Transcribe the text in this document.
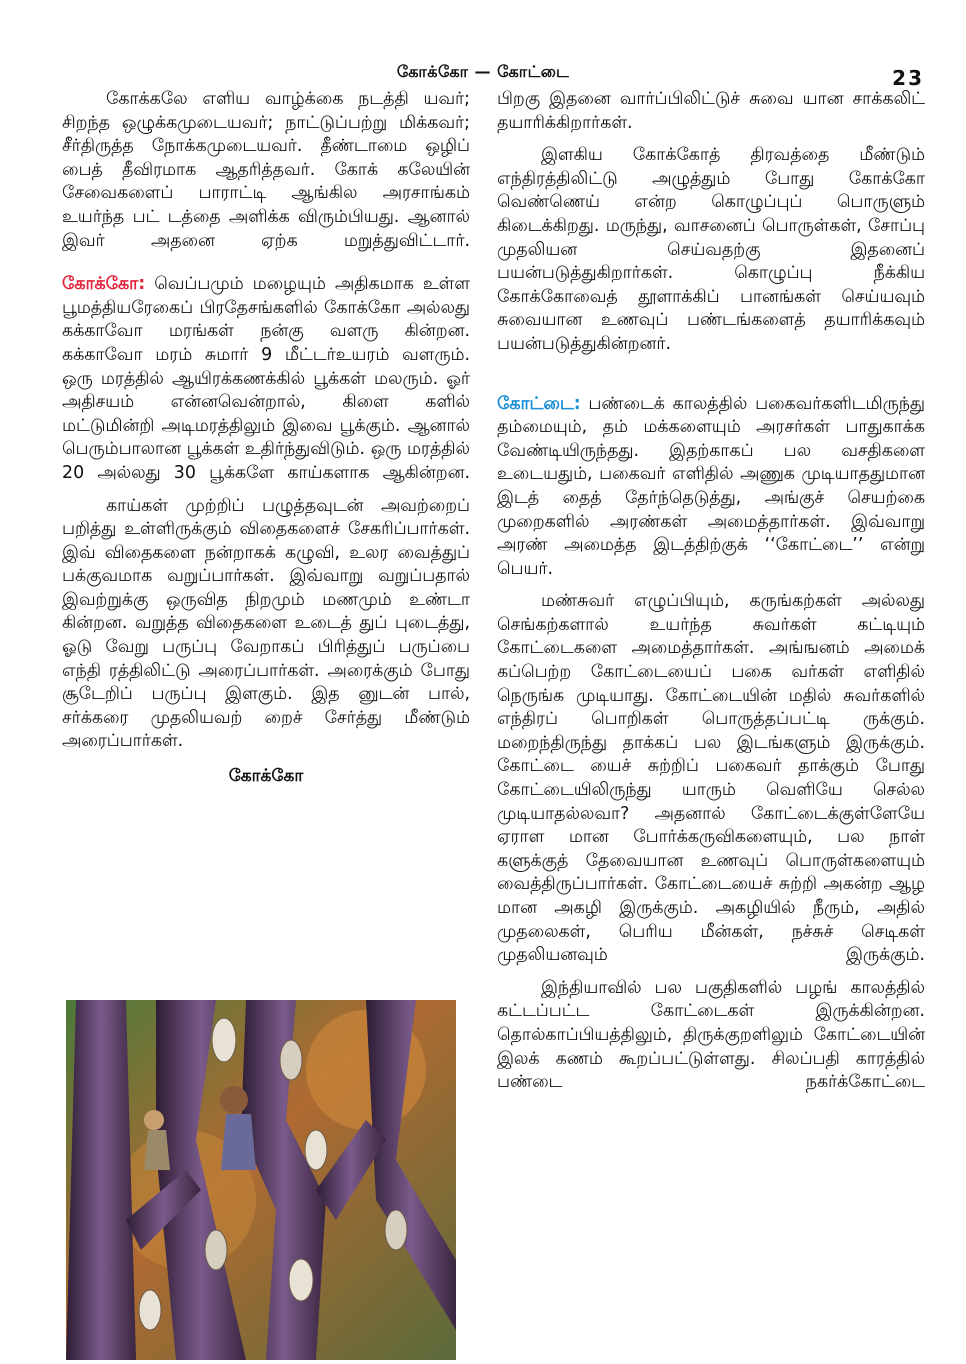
கோக்கோ — கோட்டை	23

கோக்கலே எளிய வாழ்க்கை நடத்தி யவர்; சிறந்த ஒழுக்கமுடையவர்; நாட்டுப்பற்று மிக்கவர்; சீர்திருத்த நோக்கமுடையவர். தீண்டாமை ஒழிப் பைத் தீவிரமாக ஆதரித்தவர். கோக் கலேயின் சேவைகளைப் பாராட்டி ஆங்கில அரசாங்கம் உயர்ந்த பட் டத்தை அளிக்க விரும்பியது. ஆனால் இவர் அதனை ஏற்க மறுத்துவிட்டார்.

கோக்கோ: வெப்பமும் மழையும் அதிகமாக உள்ள பூமத்தியரேகைப் பிரதேசங்களில் கோக்கோ அல்லது கக்காவோ மரங்கள் நன்கு வளரு கின்றன. கக்காவோ மரம் சுமார் 9 மீட்டர்உயரம் வளரும். ஒரு மரத்தில் ஆயிரக்கணக்கில் பூக்கள் மலரும். ஓர் அதிசயம் என்னவென்றால், கிளை களில் மட்டுமின்றி அடிமரத்திலும் இவை பூக்கும். ஆனால் பெரும்பாலான பூக்கள் உதிர்ந்துவிடும். ஒரு மரத்தில் 20 அல்லது 30 பூக்களே காய்களாக ஆகின்றன.

காய்கள் முற்றிப் பழுத்தவுடன் அவற்றைப் பறித்து உள்ளிருக்கும் விதைகளைச் சேகரிப்பார்கள். இவ் விதைகளை நன்றாகக் கழுவி, உலர வைத்துப் பக்குவமாக வறுப்பார்கள். இவ்வாறு வறுப்பதால் இவற்றுக்கு ஒருவித நிறமும் மணமும் உண்டா கின்றன. வறுத்த விதைகளை உடைத் துப் புடைத்து, ஓடு வேறு பருப்பு வேறாகப் பிரித்துப் பருப்பை எந்தி ரத்திலிட்டு அரைப்பார்கள். அரைக்கும் போது சூடேறிப் பருப்பு இளகும். இத னுடன் பால், சர்க்கரை முதலியவற் றைச் சேர்த்து மீண்டும் அரைப்பார்கள்.

கோக்கோ

பிறகு இதனை வார்ப்பிலிட்டுச் சுவை யான சாக்கலிட் தயாரிக்கிறார்கள்.

இளகிய கோக்கோத் திரவத்தை மீண்டும் எந்திரத்திலிட்டு அழுத்தும் போது கோக்கோ வெண்ணெய் என்ற கொழுப்புப் பொருளும் கிடைக்கிறது. மருந்து, வாசனைப் பொருள்கள், சோப்பு முதலியன செய்வதற்கு இதனைப் பயன்படுத்துகிறார்கள். கொழுப்பு நீக்கிய கோக்கோவைத் தூளாக்கிப் பானங்கள் செய்யவும் சுவையான உணவுப் பண்டங்களைத் தயாரிக்கவும் பயன்படுத்துகின்றனர்.

கோட்டை: பண்டைக் காலத்தில் பகைவர்களிடமிருந்து தம்மையும், தம் மக்களையும் அரசர்கள் பாதுகாக்க வேண்டியிருந்தது. இதற்காகப் பல வசதிகளை உடையதும், பகைவர் எளிதில் அணுக முடியாததுமான இடத் தைத் தேர்ந்தெடுத்து, அங்குச் செயற்கை முறைகளில் அரண்கள் அமைத்தார்கள். இவ்வாறு அரண் அமைத்த இடத்திற்குக் ‘‘கோட்டை’’ என்று பெயர்.

மண்சுவர் எழுப்பியும், கருங்கற்கள் அல்லது செங்கற்களால் உயர்ந்த சுவர்கள் கட்டியும் கோட்டைகளை அமைத்தார்கள். அங்ஙனம் அமைக் கப்பெற்ற கோட்டையைப் பகை வர்கள் எளிதில் நெருங்க முடியாது. கோட்டையின் மதில் சுவர்களில் எந்திரப் பொறிகள் பொருத்தப்பட்டி ருக்கும். மறைந்திருந்து தாக்கப் பல இடங்களும் இருக்கும். கோட்டை யைச் சுற்றிப் பகைவர் தாக்கும் போது கோட்டையிலிருந்து யாரும் வெளியே செல்ல முடியாதல்லவா? அதனால் கோட்டைக்குள்ளேயே ஏராள மான போர்க்கருவிகளையும், பல நாள் களுக்குத் தேவையான உணவுப் பொருள்களையும் வைத்திருப்பார்கள். கோட்டையைச் சுற்றி அகன்ற ஆழ மான அகழி இருக்கும். அகழியில் நீரும், அதில் முதலைகள், பெரிய மீன்கள், நச்சுச் செடிகள் முதலியனவும் இருக்கும்.

இந்தியாவில் பல பகுதிகளில் பழங் காலத்தில் கட்டப்பட்ட கோட்டைகள் இருக்கின்றன. தொல்காப்பியத்திலும், திருக்குறளிலும் கோட்டையின் இலக் கணம் கூறப்பட்டுள்ளது. சிலப்பதி காரத்தில் பண்டை நகர்க்கோட்டை
